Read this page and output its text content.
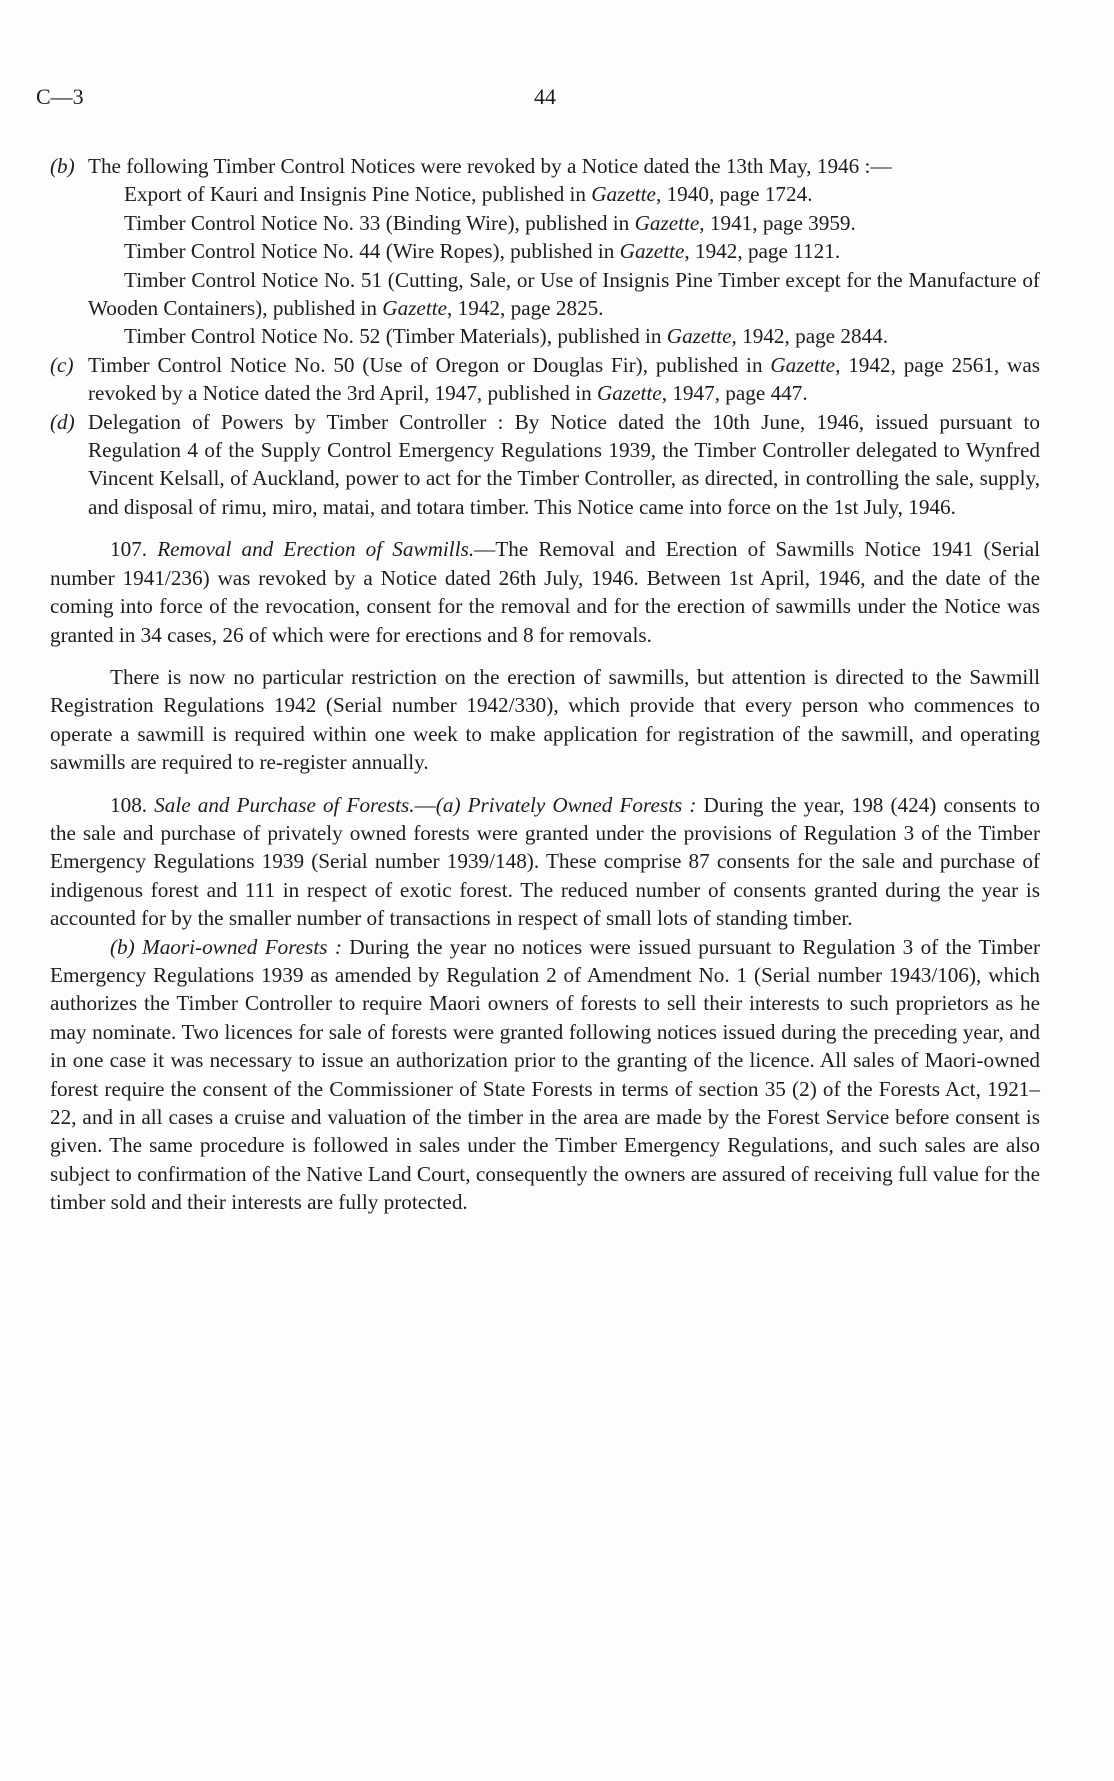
C—3	44
(b) The following Timber Control Notices were revoked by a Notice dated the 13th May, 1946 :—

Export of Kauri and Insignis Pine Notice, published in Gazette, 1940, page 1724.

Timber Control Notice No. 33 (Binding Wire), published in Gazette, 1941, page 3959.

Timber Control Notice No. 44 (Wire Ropes), published in Gazette, 1942, page 1121.

Timber Control Notice No. 51 (Cutting, Sale, or Use of Insignis Pine Timber except for the Manufacture of Wooden Containers), published in Gazette, 1942, page 2825.

Timber Control Notice No. 52 (Timber Materials), published in Gazette, 1942, page 2844.

(c) Timber Control Notice No. 50 (Use of Oregon or Douglas Fir), published in Gazette, 1942, page 2561, was revoked by a Notice dated the 3rd April, 1947, published in Gazette, 1947, page 447.
(d) Delegation of Powers by Timber Controller : By Notice dated the 10th June, 1946, issued pursuant to Regulation 4 of the Supply Control Emergency Regulations 1939, the Timber Controller delegated to Wynfred Vincent Kelsall, of Auckland, power to act for the Timber Controller, as directed, in controlling the sale, supply, and disposal of rimu, miro, matai, and totara timber. This Notice came into force on the 1st July, 1946.

107. Removal and Erection of Sawmills.—The Removal and Erection of Sawmills Notice 1941 (Serial number 1941/236) was revoked by a Notice dated 26th July, 1946. Between 1st April, 1946, and the date of the coming into force of the revocation, consent for the removal and for the erection of sawmills under the Notice was granted in 34 cases, 26 of which were for erections and 8 for removals.

There is now no particular restriction on the erection of sawmills, but attention is directed to the Sawmill Registration Regulations 1942 (Serial number 1942/330), which provide that every person who commences to operate a sawmill is required within one week to make application for registration of the sawmill, and operating sawmills are required to re-register annually.

108. Sale and Purchase of Forests.—(a) Privately Owned Forests : During the year, 198 (424) consents to the sale and purchase of privately owned forests were granted under the provisions of Regulation 3 of the Timber Emergency Regulations 1939 (Serial number 1939/148). These comprise 87 consents for the sale and purchase of indigenous forest and 111 in respect of exotic forest. The reduced number of consents granted during the year is accounted for by the smaller number of transactions in respect of small lots of standing timber.

(b) Maori-owned Forests : During the year no notices were issued pursuant to Regulation 3 of the Timber Emergency Regulations 1939 as amended by Regulation 2 of Amendment No. 1 (Serial number 1943/106), which authorizes the Timber Controller to require Maori owners of forests to sell their interests to such proprietors as he may nominate. Two licences for sale of forests were granted following notices issued during the preceding year, and in one case it was necessary to issue an authorization prior to the granting of the licence. All sales of Maori-owned forest require the consent of the Commissioner of State Forests in terms of section 35 (2) of the Forests Act, 1921–22, and in all cases a cruise and valuation of the timber in the area are made by the Forest Service before consent is given. The same procedure is followed in sales under the Timber Emergency Regulations, and such sales are also subject to confirmation of the Native Land Court, consequently the owners are assured of receiving full value for the timber sold and their interests are fully protected.
